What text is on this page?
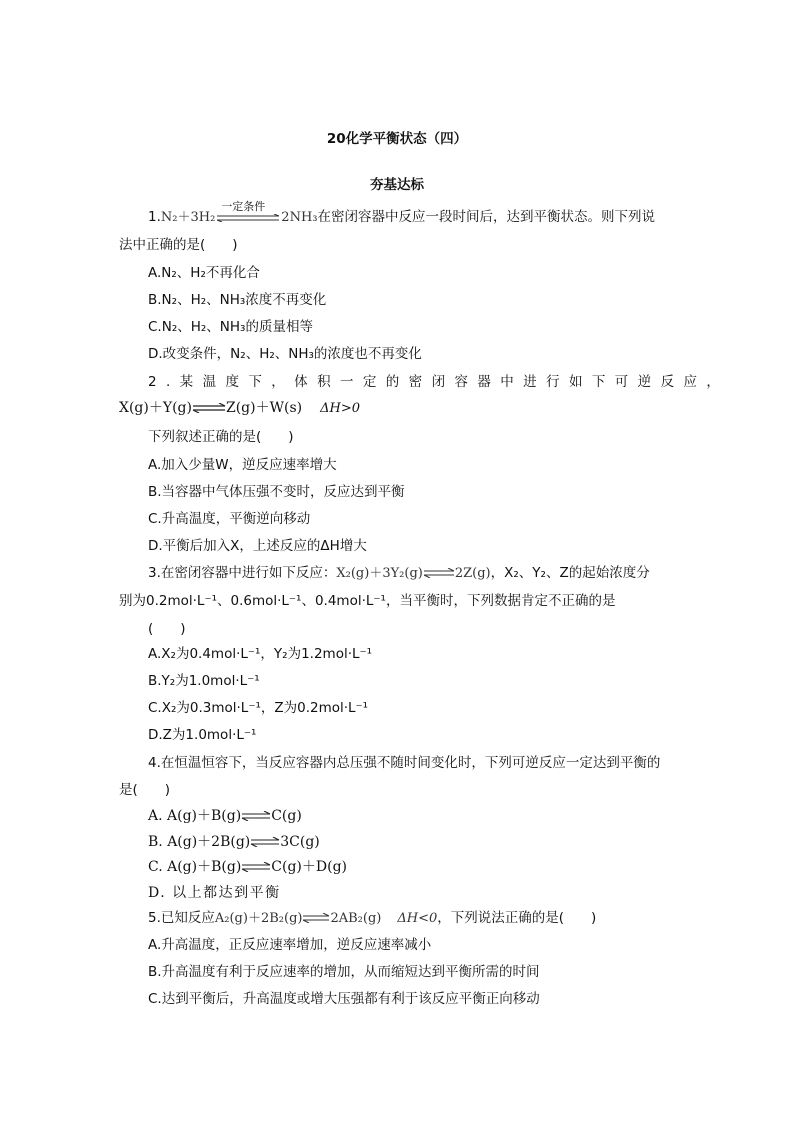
20化学平衡状态（四）
夯基达标
1.N₂＋3H₂
一定条件
2NH₃在密闭容器中反应一段时间后，达到平衡状态。则下列说
法中正确的是(　　)
A.N₂、H₂不再化合
B.N₂、H₂、NH₃浓度不再变化
C.N₂、H₂、NH₃的质量相等
D.改变条件，N₂、H₂、NH₃的浓度也不再变化
2.某温度下，体积一定的密闭容器中进行如下可逆反应，
X(g)＋Y(g) Z(g)＋W(s) ΔH>0
下列叙述正确的是(　　)
A.加入少量W，逆反应速率增大
B.当容器中气体压强不变时，反应达到平衡
C.升高温度，平衡逆向移动
D.平衡后加入X，上述反应的ΔH增大
3.在密闭容器中进行如下反应：X₂(g)＋3Y₂(g) 2Z(g)，X₂、Y₂、Z的起始浓度分
别为0.2mol·L⁻¹、0.6mol·L⁻¹、0.4mol·L⁻¹，当平衡时，下列数据肯定不正确的是
(　　)
A.X₂为0.4mol·L⁻¹，Y₂为1.2mol·L⁻¹
B.Y₂为1.0mol·L⁻¹
C.X₂为0.3mol·L⁻¹，Z为0.2mol·L⁻¹
D.Z为1.0mol·L⁻¹
4.在恒温恒容下，当反应容器内总压强不随时间变化时，下列可逆反应一定达到平衡的
是(　　)
A. A(g)＋B(g) C(g)
B. A(g)＋2B(g) 3C(g)
C. A(g)＋B(g) C(g)＋D(g)
D. 以上都达到平衡
5.已知反应A₂(g)＋2B₂(g) 2AB₂(g) ΔH<0，下列说法正确的是(　　)
A.升高温度，正反应速率增加，逆反应速率减小
B.升高温度有利于反应速率的增加，从而缩短达到平衡所需的时间
C.达到平衡后，升高温度或增大压强都有利于该反应平衡正向移动
